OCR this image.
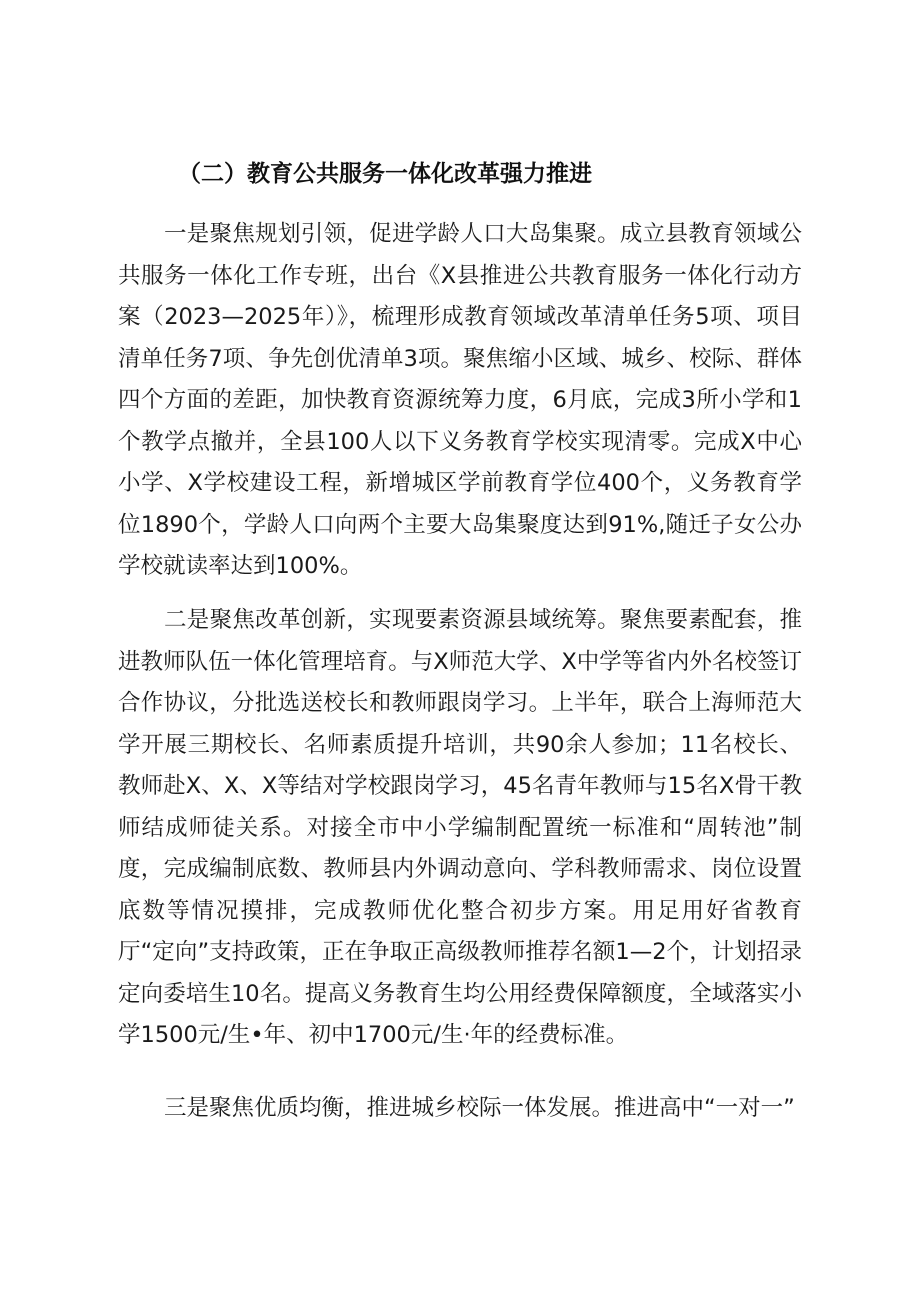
（二）教育公共服务一体化改革强力推进

一是聚焦规划引领，促进学龄人口大岛集聚。成立县教育领域公共服务一体化工作专班，出台《X县推进公共教育服务一体化行动方案（2023—2025年）》，梳理形成教育领域改革清单任务5项、项目清单任务7项、争先创优清单3项。聚焦缩小区域、城乡、校际、群体四个方面的差距，加快教育资源统筹力度，6月底，完成3所小学和1个教学点撤并，全县100人以下义务教育学校实现清零。完成X中心小学、X学校建设工程，新增城区学前教育学位400个，义务教育学位1890个，学龄人口向两个主要大岛集聚度达到91%,随迁子女公办学校就读率达到100%。

二是聚焦改革创新，实现要素资源县域统筹。聚焦要素配套，推进教师队伍一体化管理培育。与X师范大学、X中学等省内外名校签订合作协议，分批选送校长和教师跟岗学习。上半年，联合上海师范大学开展三期校长、名师素质提升培训，共90余人参加；11名校长、教师赴X、X、X等结对学校跟岗学习，45名青年教师与15名X骨干教师结成师徒关系。对接全市中小学编制配置统一标准和“周转池”制度，完成编制底数、教师县内外调动意向、学科教师需求、岗位设置底数等情况摸排，完成教师优化整合初步方案。用足用好省教育厅“定向”支持政策，正在争取正高级教师推荐名额1—2个，计划招录定向委培生10名。提高义务教育生均公用经费保障额度，全域落实小学1500元/生•年、初中1700元/生·年的经费标准。

三是聚焦优质均衡，推进城乡校际一体发展。推进高中“一对一”
